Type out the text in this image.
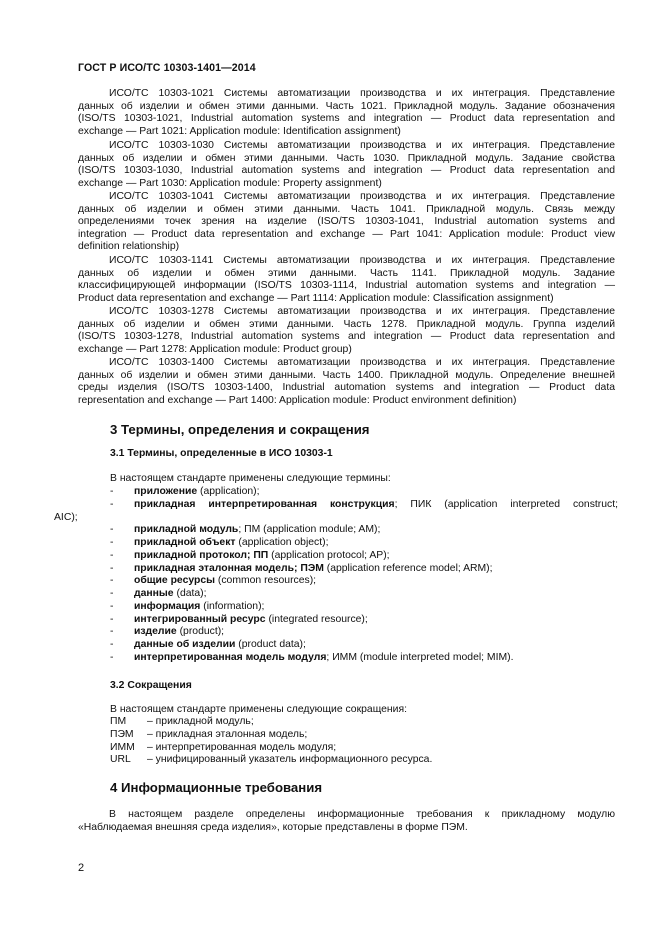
ГОСТ Р ИСО/ТС 10303-1401—2014
ИСО/ТС 10303-1021 Системы автоматизации производства и их интеграция. Представление
данных об изделии и обмен этими данными. Часть 1021. Прикладной модуль. Задание обозначения
(ISO/TS 10303-1021, Industrial automation systems and integration — Product data representation and
exchange — Part 1021: Application module: Identification assignment)
ИСО/ТС 10303-1030 Системы автоматизации производства и их интеграция. Представление
данных об изделии и обмен этими данными. Часть 1030. Прикладной модуль. Задание свойства
(ISO/TS 10303-1030, Industrial automation systems and integration — Product data representation and
exchange — Part 1030: Application module: Property assignment)
ИСО/ТС 10303-1041 Системы автоматизации производства и их интеграция. Представление
данных об изделии и обмен этими данными. Часть 1041. Прикладной модуль. Связь между
определениями точек зрения на изделие (ISO/TS 10303-1041, Industrial automation systems and
integration — Product data representation and exchange — Part 1041: Application module: Product view
definition relationship)
ИСО/ТС 10303-1141 Системы автоматизации производства и их интеграция. Представление
данных об изделии и обмен этими данными. Часть 1141. Прикладной модуль. Задание
классифицирующей информации (ISO/TS 10303-1114, Industrial automation systems and integration —
Product data representation and exchange — Part 1114: Application module: Classification assignment)
ИСО/ТС 10303-1278 Системы автоматизации производства и их интеграция. Представление
данных об изделии и обмен этими данными. Часть 1278. Прикладной модуль. Группа изделий
(ISO/TS 10303-1278, Industrial automation systems and integration — Product data representation and
exchange — Part 1278: Application module: Product group)
ИСО/ТС 10303-1400 Системы автоматизации производства и их интеграция. Представление
данных об изделии и обмен этими данными. Часть 1400. Прикладной модуль. Определение внешней
среды изделия (ISO/TS 10303-1400, Industrial automation systems and integration — Product data
representation and exchange — Part 1400: Application module: Product environment definition)
3 Термины, определения и сокращения
3.1 Термины, определенные в ИСО 10303-1
В настоящем стандарте применены следующие термины:
-	приложение (application);
-	прикладная интерпретированная конструкция; ПИК (application interpreted construct;
AIC);
-	прикладной модуль; ПМ (application module; AM);
-	прикладной объект (application object);
-	прикладной протокол; ПП (application protocol; AP);
-	прикладная эталонная модель; ПЭМ (application reference model; ARM);
-	общие ресурсы (common resources);
-	данные (data);
-	информация (information);
-	интегрированный ресурс (integrated resource);
-	изделие (product);
-	данные об изделии (product data);
-	интерпретированная модель модуля; ИММ (module interpreted model; MIM).
3.2 Сокращения
В настоящем стандарте применены следующие сокращения:
ПМ	– прикладной модуль;
ПЭМ	– прикладная эталонная модель;
ИММ	– интерпретированная модель модуля;
URL	– унифицированный указатель информационного ресурса.
4 Информационные требования
В настоящем разделе определены информационные требования к прикладному модулю
«Наблюдаемая внешняя среда изделия», которые представлены в форме ПЭМ.
2
